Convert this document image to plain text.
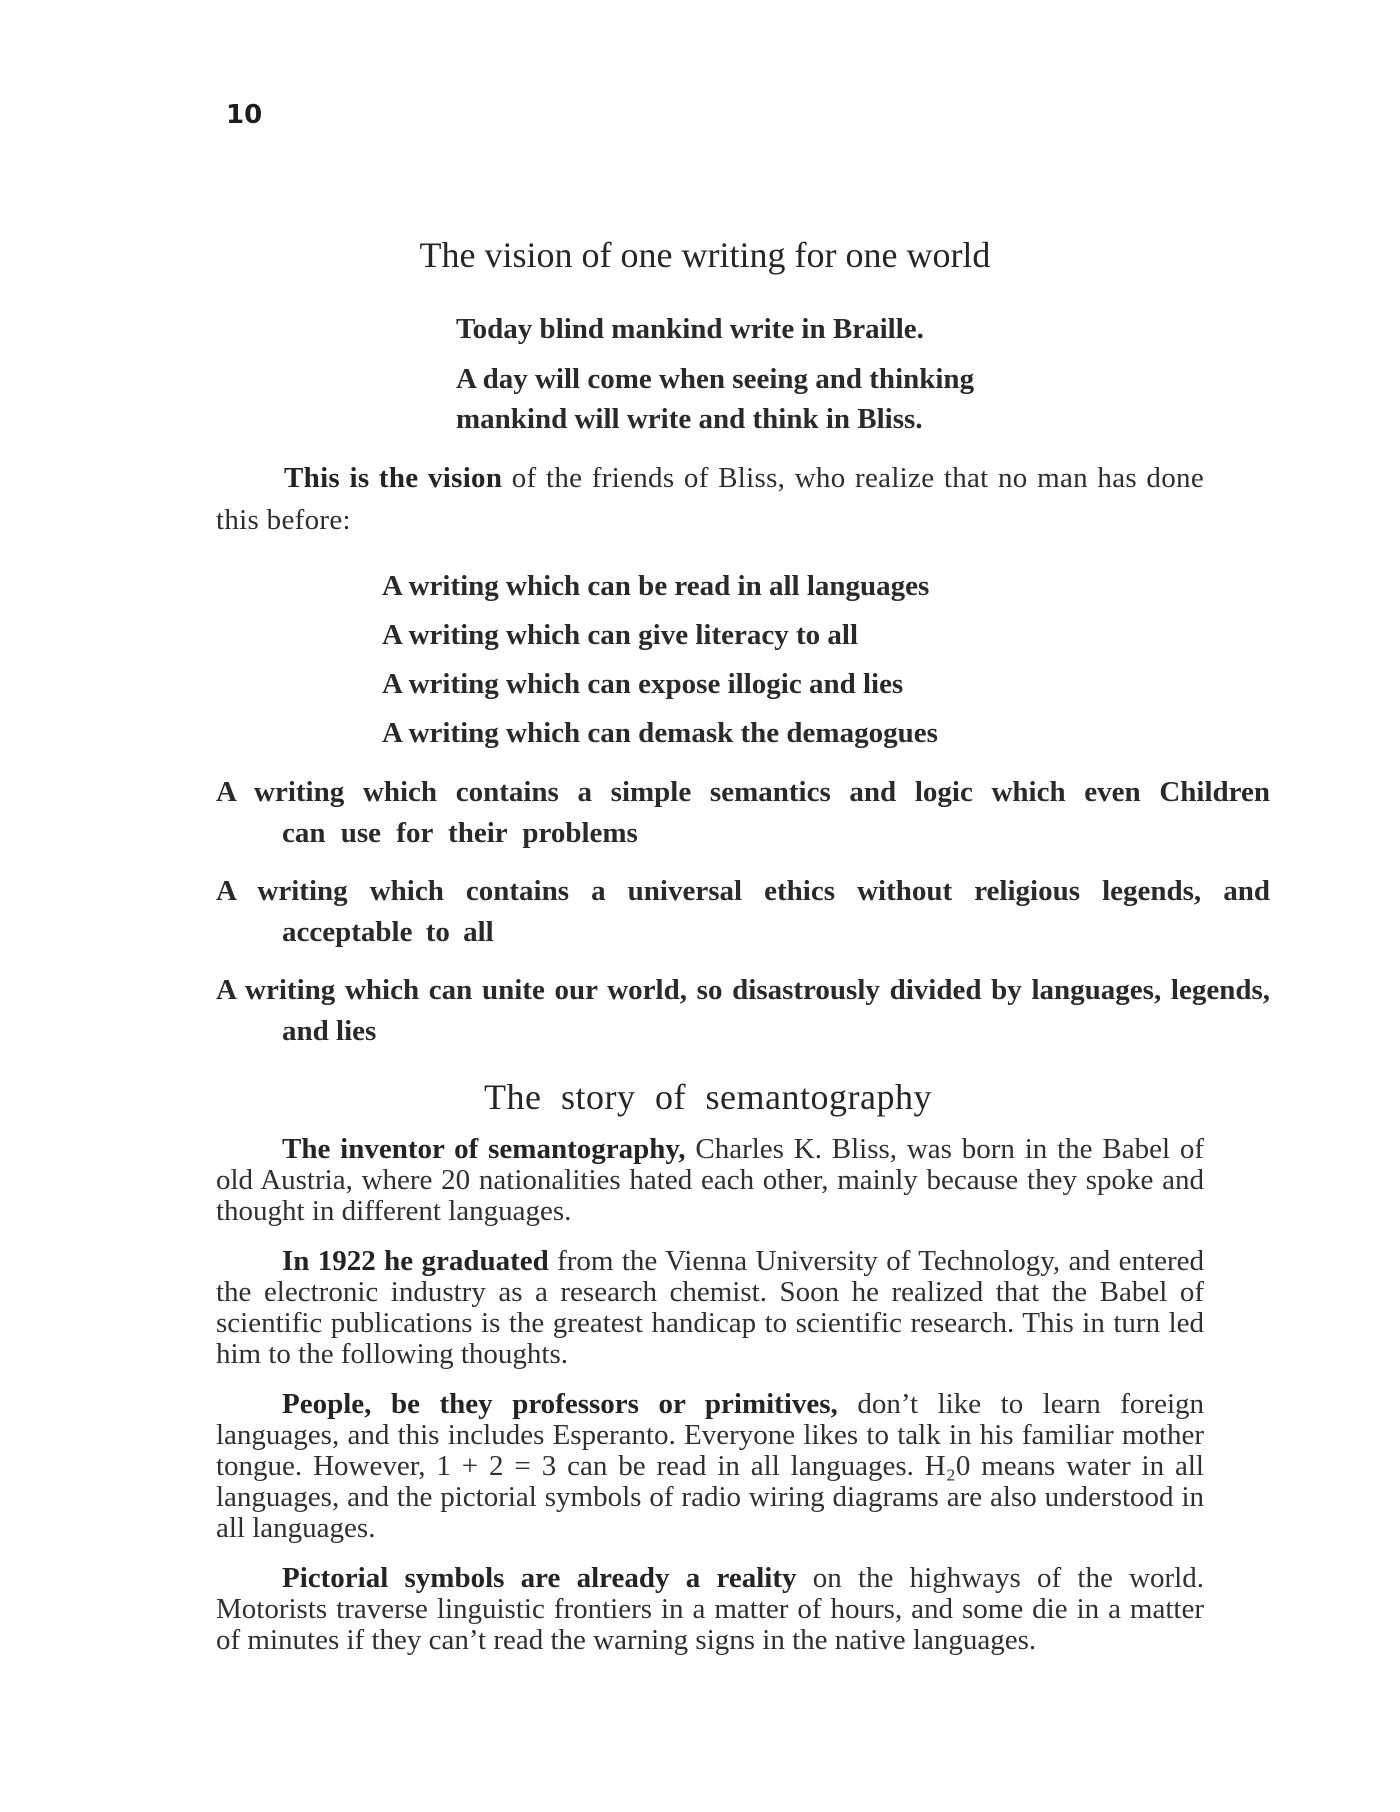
10
The vision of one writing for one world
Today blind mankind write in Braille.
A day will come when seeing and thinking mankind will write and think in Bliss.
This is the vision of the friends of Bliss, who realize that no man has done this before:
A writing which can be read in all languages
A writing which can give literacy to all
A writing which can expose illogic and lies
A writing which can demask the demagogues
A writing which contains a simple semantics and logic which even Children can use for their problems
A writing which contains a universal ethics without religious legends, and acceptable to all
A writing which can unite our world, so disastrously divided by languages, legends, and lies
The story of semantography
The inventor of semantography, Charles K. Bliss, was born in the Babel of old Austria, where 20 nationalities hated each other, mainly because they spoke and thought in different languages.
In 1922 he graduated from the Vienna University of Technology, and entered the electronic industry as a research chemist. Soon he realized that the Babel of scientific publications is the greatest handicap to scientific research. This in turn led him to the following thoughts.
People, be they professors or primitives, don’t like to learn foreign languages, and this includes Esperanto. Everyone likes to talk in his familiar mother tongue. However, 1 + 2 = 3 can be read in all languages. H₂0 means water in all languages, and the pictorial symbols of radio wiring diagrams are also understood in all languages.
Pictorial symbols are already a reality on the highways of the world. Motorists traverse linguistic frontiers in a matter of hours, and some die in a matter of minutes if they can’t read the warning signs in the native languages.
